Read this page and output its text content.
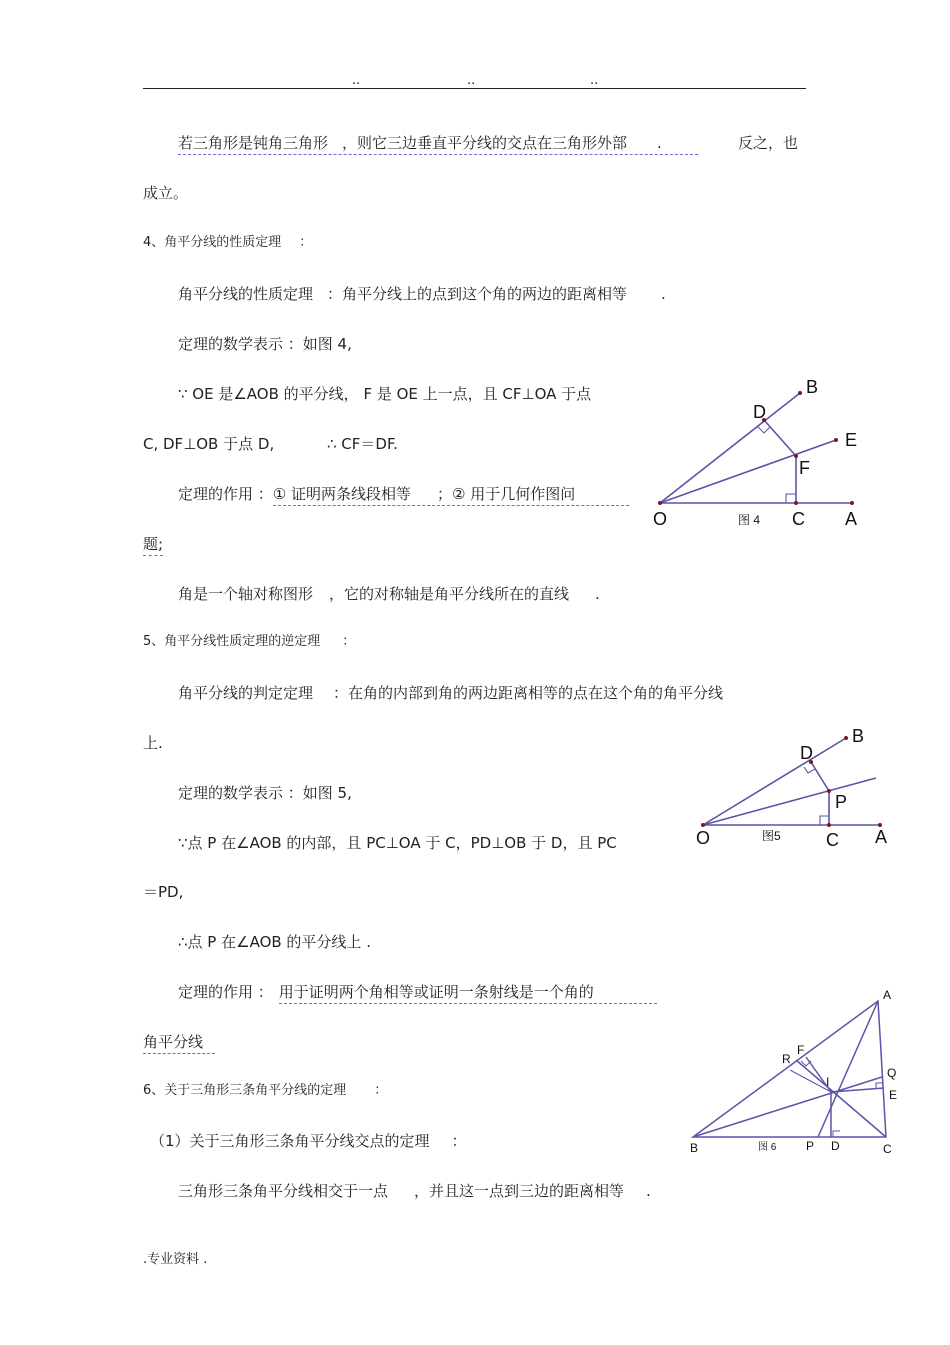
..	..	..
若三角形是钝角三角形 ，则它三边垂直平分线的交点在三角形外部 .	反之，也
成立。
4、角平分线的性质定理 ：
角平分线的性质定理 ：角平分线上的点到这个角的两边的距离相等 .
定理的数学表示 ：如图 4,
∵ OE 是∠AOB 的平分线， F 是 OE 上一点，且 CF⊥OA 于点
C, DF⊥OB 于点 D,	∴ CF＝DF.
定理的作用 ：① 证明两条线段相等 ；② 用于几何作图问
题;
角是一个轴对称图形 ，它的对称轴是角平分线所在的直线 .
5、角平分线性质定理的逆定理 ：
角平分线的判定定理 ：在角的内部到角的两边距离相等的点在这个角的角平分线
上.
定理的数学表示 ：如图 5,
∵点 P 在∠AOB 的内部，且 PC⊥OA 于 C，PD⊥OB 于 D，且 PC
＝PD,
∴点 P 在∠AOB 的平分线上 .
定理的作用 ： 用于证明两个角相等或证明一条射线是一个角的
角平分线
6、关于三角形三条角平分线的定理 ：
（1）关于三角形三条角平分线交点的定理 ：
三角形三条角平分线相交于一点 ，并且这一点到三边的距离相等 .
.专业资料 .
O	C A
B
D
E
F
图 4
O	C A
B
D
P
图5
A
B	C
P D
R
F
Q
E
I
图 6
